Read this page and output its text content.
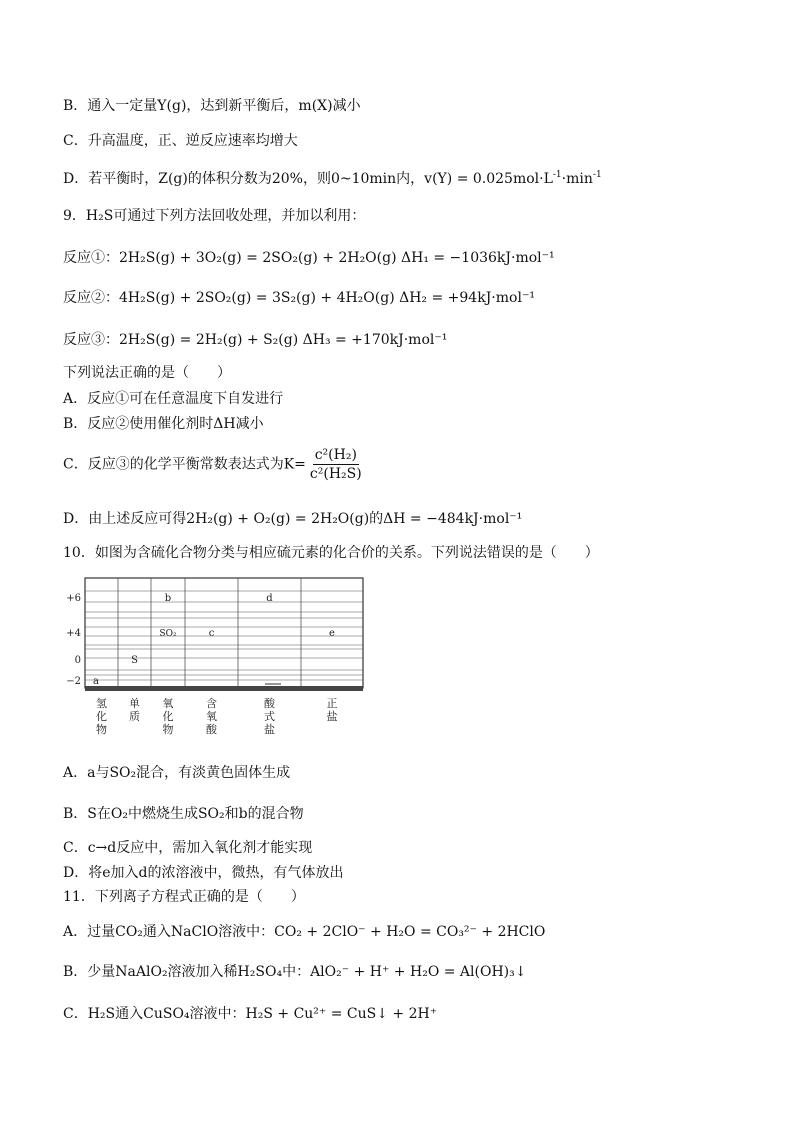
B．通入一定量Y(g)，达到新平衡后，m(X)减小
C．升高温度，正、逆反应速率均增大
D．若平衡时，Z(g)的体积分数为20%，则0~10min内，$v(Y) = 0.025mol\cdot L^{-1}\cdot\min^{-1}$
9．H₂S可通过下列方法回收处理，并加以利用：
反应①：2H₂S(g) + 3O₂(g) = 2SO₂(g) + 2H₂O(g) ΔH₁ = −1036kJ·mol⁻¹
反应②：4H₂S(g) + 2SO₂(g) = 3S₂(g) + 4H₂O(g) ΔH₂ = +94kJ·mol⁻¹
反应③：2H₂S(g) = 2H₂(g) + S₂(g) ΔH₃ = +170kJ·mol⁻¹
下列说法正确的是（　　）
A．反应①可在任意温度下自发进行
B．反应②使用催化剂时ΔH减小
C．反应③的化学平衡常数表达式为$K= \frac{\text{c²(H₂)}}{\text{c²(H₂S)}}$
D．由上述反应可得2H₂(g) + O₂(g) = 2H₂O(g)的ΔH = −484kJ·mol⁻¹
10．如图为含硫化合物分类与相应硫元素的化合价的关系。下列说法错误的是（　　）
+6
+4
0
−2 a
S
b
SO₂	c
d
e
氢化物
单质
氧化物
含氧酸
酸式盐
正盐
A．a与SO₂混合，有淡黄色固体生成
B．S在O₂中燃烧生成SO₂和b的混合物
C．c→d反应中，需加入氧化剂才能实现
D．将e加入d的浓溶液中，微热，有气体放出
11．下列离子方程式正确的是（　　）
A．过量CO₂通入NaClO溶液中：CO₂ + 2ClO⁻ + H₂O = CO₃²⁻ + 2HClO
B．少量NaAlO₂溶液加入稀H₂SO₄中：AlO₂⁻ + H⁺ + H₂O = Al(OH)₃↓
C．H₂S通入CuSO₄溶液中：H₂S + Cu²⁺ = CuS↓ + 2H⁺
